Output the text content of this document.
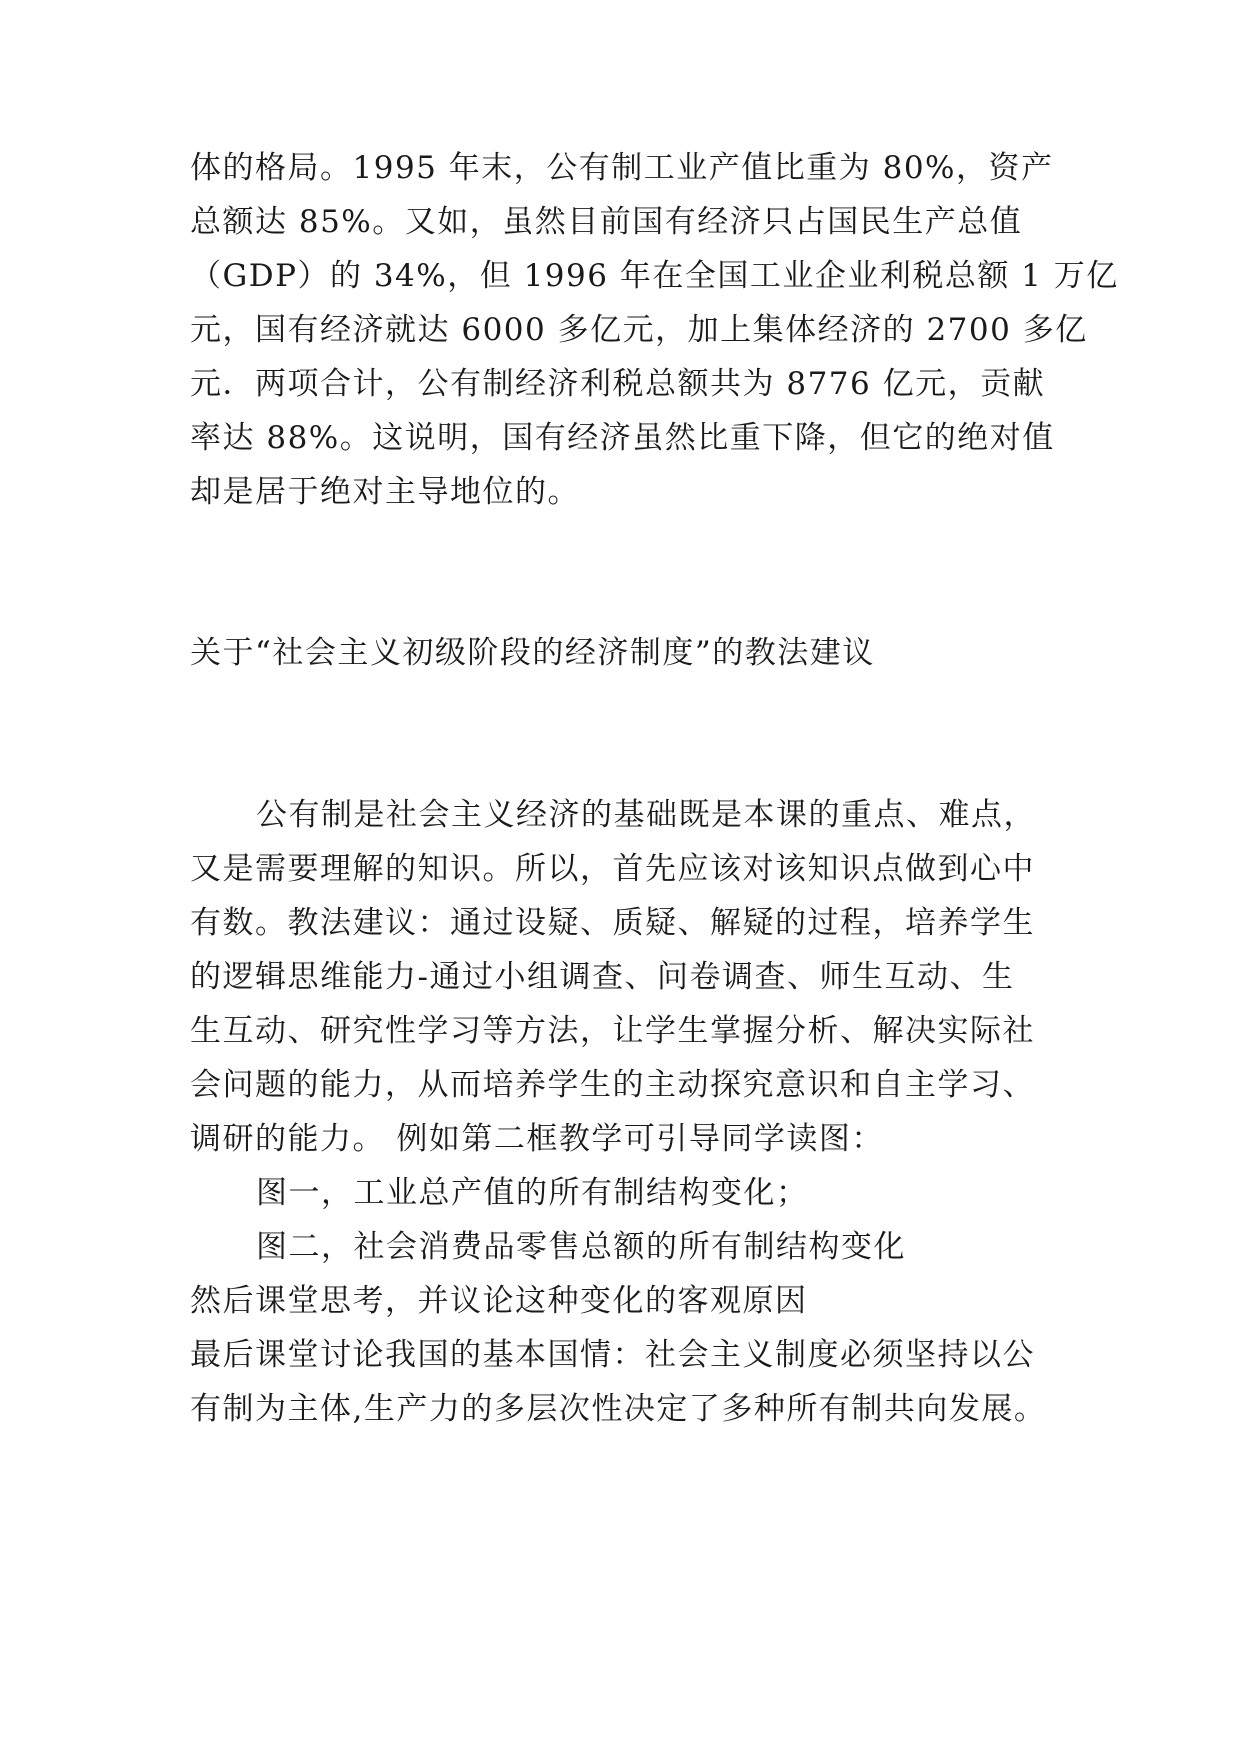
体的格局。1995 年末，公有制工业产值比重为 80%，资产
总额达 85%。又如，虽然目前国有经济只占国民生产总值
（GDP）的 34%，但 1996 年在全国工业企业利税总额 1 万亿
元，国有经济就达 6000 多亿元，加上集体经济的 2700 多亿
元．两项合计，公有制经济利税总额共为 8776 亿元，贡献
率达 88%。这说明，国有经济虽然比重下降，但它的绝对值
却是居于绝对主导地位的。
关于“社会主义初级阶段的经济制度”的教法建议
公有制是社会主义经济的基础既是本课的重点、难点，
又是需要理解的知识。所以，首先应该对该知识点做到心中
有数。教法建议：通过设疑、质疑、解疑的过程，培养学生
的逻辑思维能力-通过小组调查、问卷调查、师生互动、生
生互动、研究性学习等方法，让学生掌握分析、解决实际社
会问题的能力，从而培养学生的主动探究意识和自主学习、
调研的能力。 例如第二框教学可引导同学读图：
图一，工业总产值的所有制结构变化；
图二，社会消费品零售总额的所有制结构变化
然后课堂思考，并议论这种变化的客观原因
最后课堂讨论我国的基本国情：社会主义制度必须坚持以公
有制为主体,生产力的多层次性决定了多种所有制共向发展。
